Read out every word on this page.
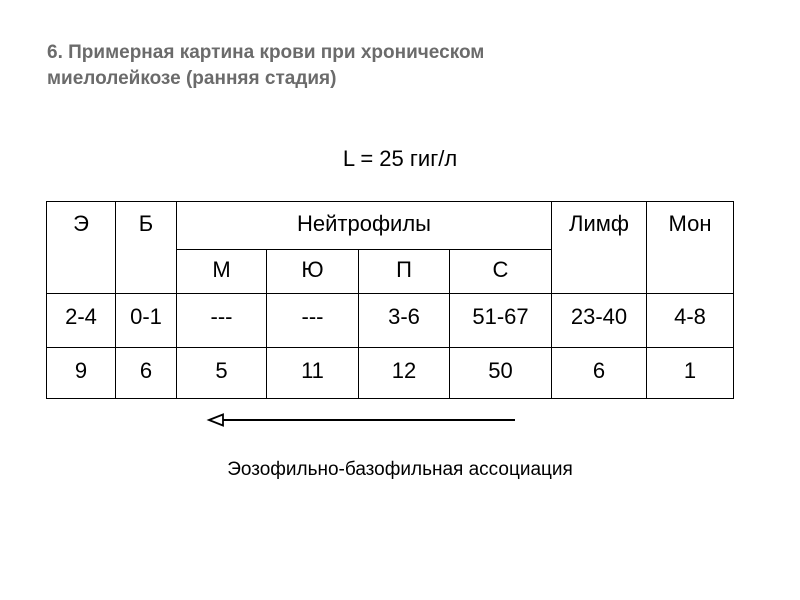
6. Примерная картина крови при хроническом
миелолейкозе (ранняя стадия)
L = 25 гиг/л
Э	Б	Нейтрофилы				Лимф	Мон
		М	Ю	П	С		
2-4	0-1	---	---	3-6	51-67	23-40	4-8
9	6	5	11	12	50	6	1
Эозофильно-базофильная ассоциация
